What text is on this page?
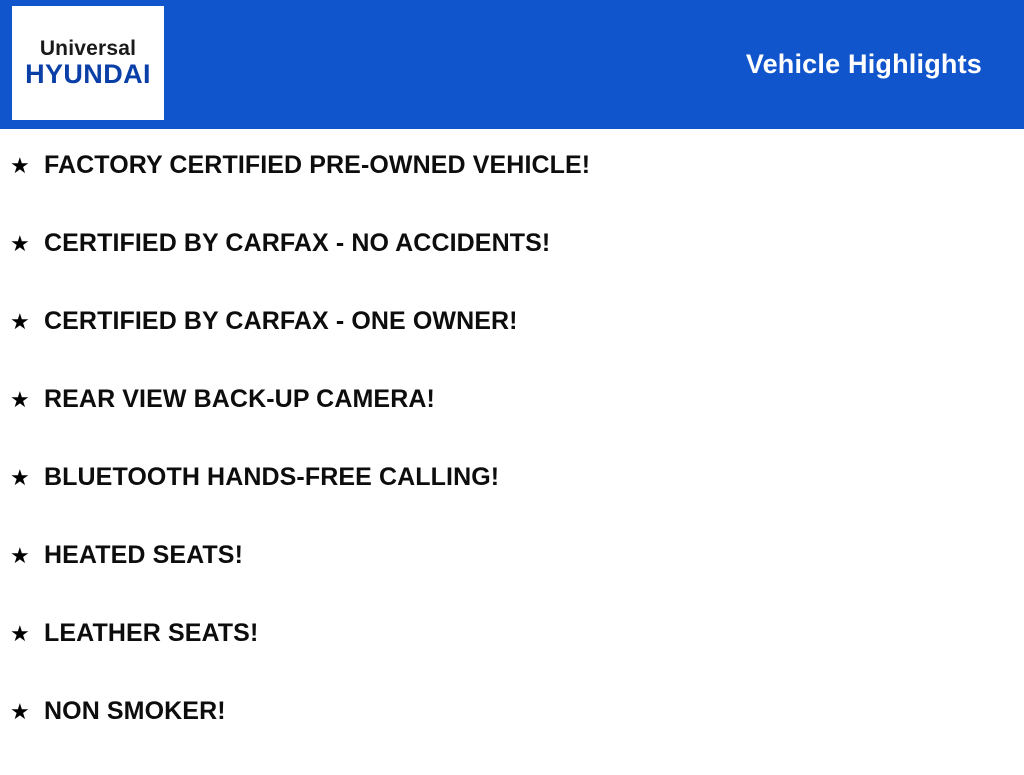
Universal
HYUNDAI	Vehicle Highlights
★ FACTORY CERTIFIED PRE-OWNED VEHICLE!
★ CERTIFIED BY CARFAX - NO ACCIDENTS!
★ CERTIFIED BY CARFAX - ONE OWNER!
★ REAR VIEW BACK-UP CAMERA!
★ BLUETOOTH HANDS-FREE CALLING!
★ HEATED SEATS!
★ LEATHER SEATS!
★ NON SMOKER!
